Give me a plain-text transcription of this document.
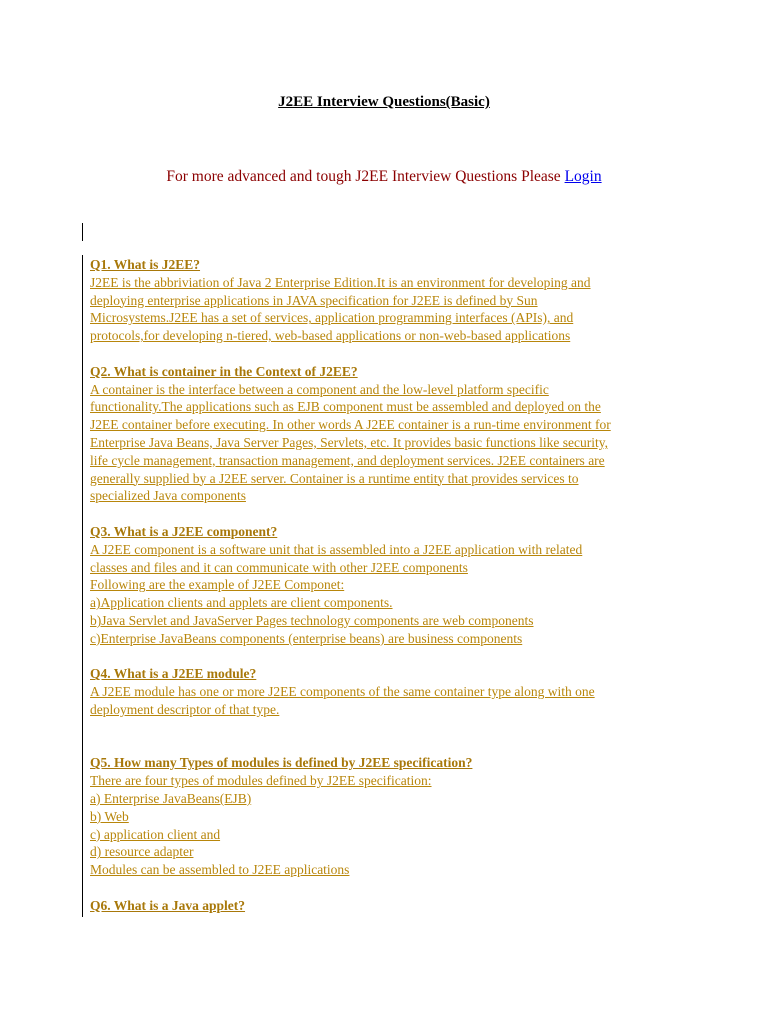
J2EE Interview Questions(Basic)
For more advanced and tough J2EE Interview Questions Please Login
Q1. What is J2EE?
J2EE is the abbriviation of Java 2 Enterprise Edition.It is an environment for developing and
deploying enterprise applications in JAVA specification for J2EE is defined by Sun
Microsystems.J2EE has a set of services, application programming interfaces (APIs), and
protocols,for developing n-tiered, web-based applications or non-web-based applications
Q2. What is container in the Context of J2EE?
A container is the interface between a component and the low-level platform specific
functionality.The applications such as EJB component must be assembled and deployed on the
J2EE container before executing. In other words A J2EE container is a run-time environment for
Enterprise Java Beans, Java Server Pages, Servlets, etc. It provides basic functions like security,
life cycle management, transaction management, and deployment services. J2EE containers are
generally supplied by a J2EE server. Container is a runtime entity that provides services to
specialized Java components
Q3. What is a J2EE component?
A J2EE component is a software unit that is assembled into a J2EE application with related
classes and files and it can communicate with other J2EE components
Following are the example of J2EE Componet:
a)Application clients and applets are client components.
b)Java Servlet and JavaServer Pages technology components are web components
c)Enterprise JavaBeans components (enterprise beans) are business components
Q4. What is a J2EE module?
A J2EE module has one or more J2EE components of the same container type along with one
deployment descriptor of that type.
Q5. How many Types of modules is defined by J2EE specification?
There are four types of modules defined by J2EE specification:
a) Enterprise JavaBeans(EJB)
b) Web
c) application client and
d) resource adapter
Modules can be assembled to J2EE applications
Q6. What is a Java applet?
